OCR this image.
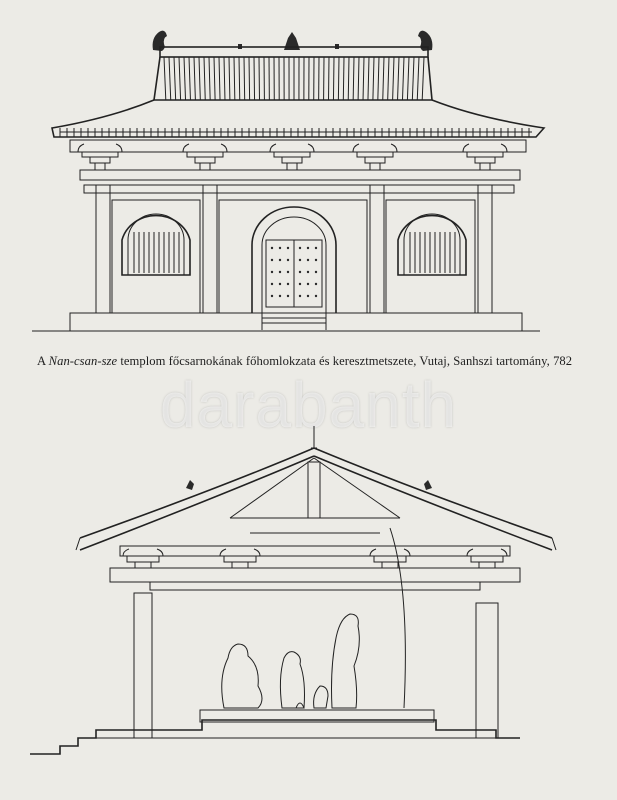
A Nan-csan-sze templom főcsarnokának főhomlokzata és keresztmetszete, Vutaj, Sanhszi tartomány, 782
darabanth
